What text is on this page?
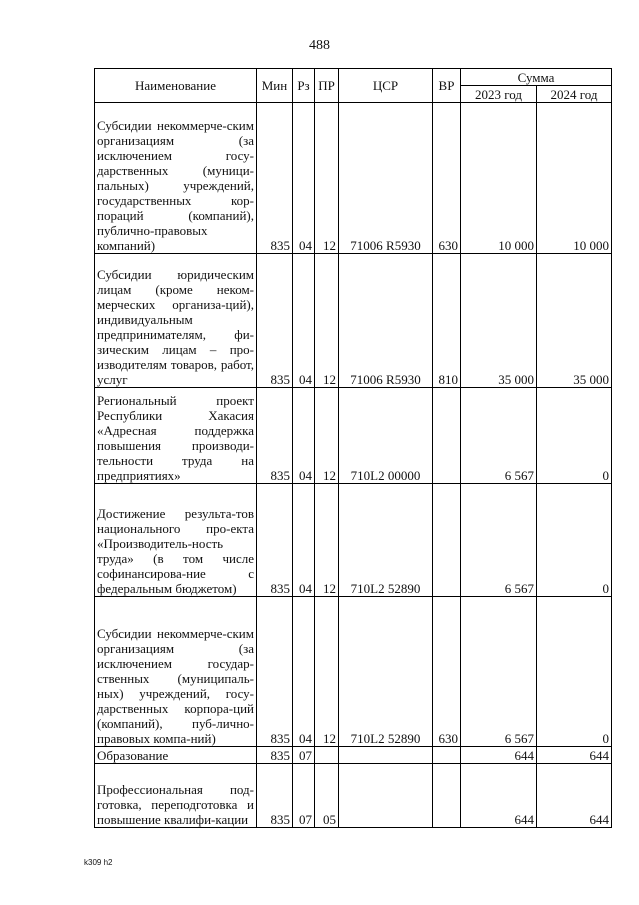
488
Наименование	Мин	Рз	ПР	ЦСР	ВР	Сумма	
						2023 год	2024 год
Субсидии некоммерче-ским организациям (за исключением госу-дарственных (муници-пальных) учреждений, государственных кор-пораций (компаний), публично-правовых компаний)	835	04	12	71006 R5930	630	10 000	10 000
Субсидии юридическим лицам (кроме неком-мерческих организа-ций), индивидуальным предпринимателям, фи-зическим лицам – про-изводителям товаров, работ, услуг	835	04	12	71006 R5930	810	35 000	35 000
Региональный проект Республики Хакасия «Адресная поддержка повышения производи-тельности труда на предприятиях»	835	04	12	710L2 00000		6 567	0
Достижение результа-тов национального про-екта «Производитель-ность труда» (в том числе софинансирова-ние с федеральным бюджетом)	835	04	12	710L2 52890		6 567	0
Субсидии некоммерче-ским организациям (за исключением государ-ственных (муниципаль-ных) учреждений, госу-дарственных корпора-ций (компаний), пуб-лично-правовых компа-ний)	835	04	12	710L2 52890	630	6 567	0
Образование	835	07				644	644
Профессиональная под-готовка, переподготовка и повышение квалифи-кации	835	07	05			644	644
k309 h2
